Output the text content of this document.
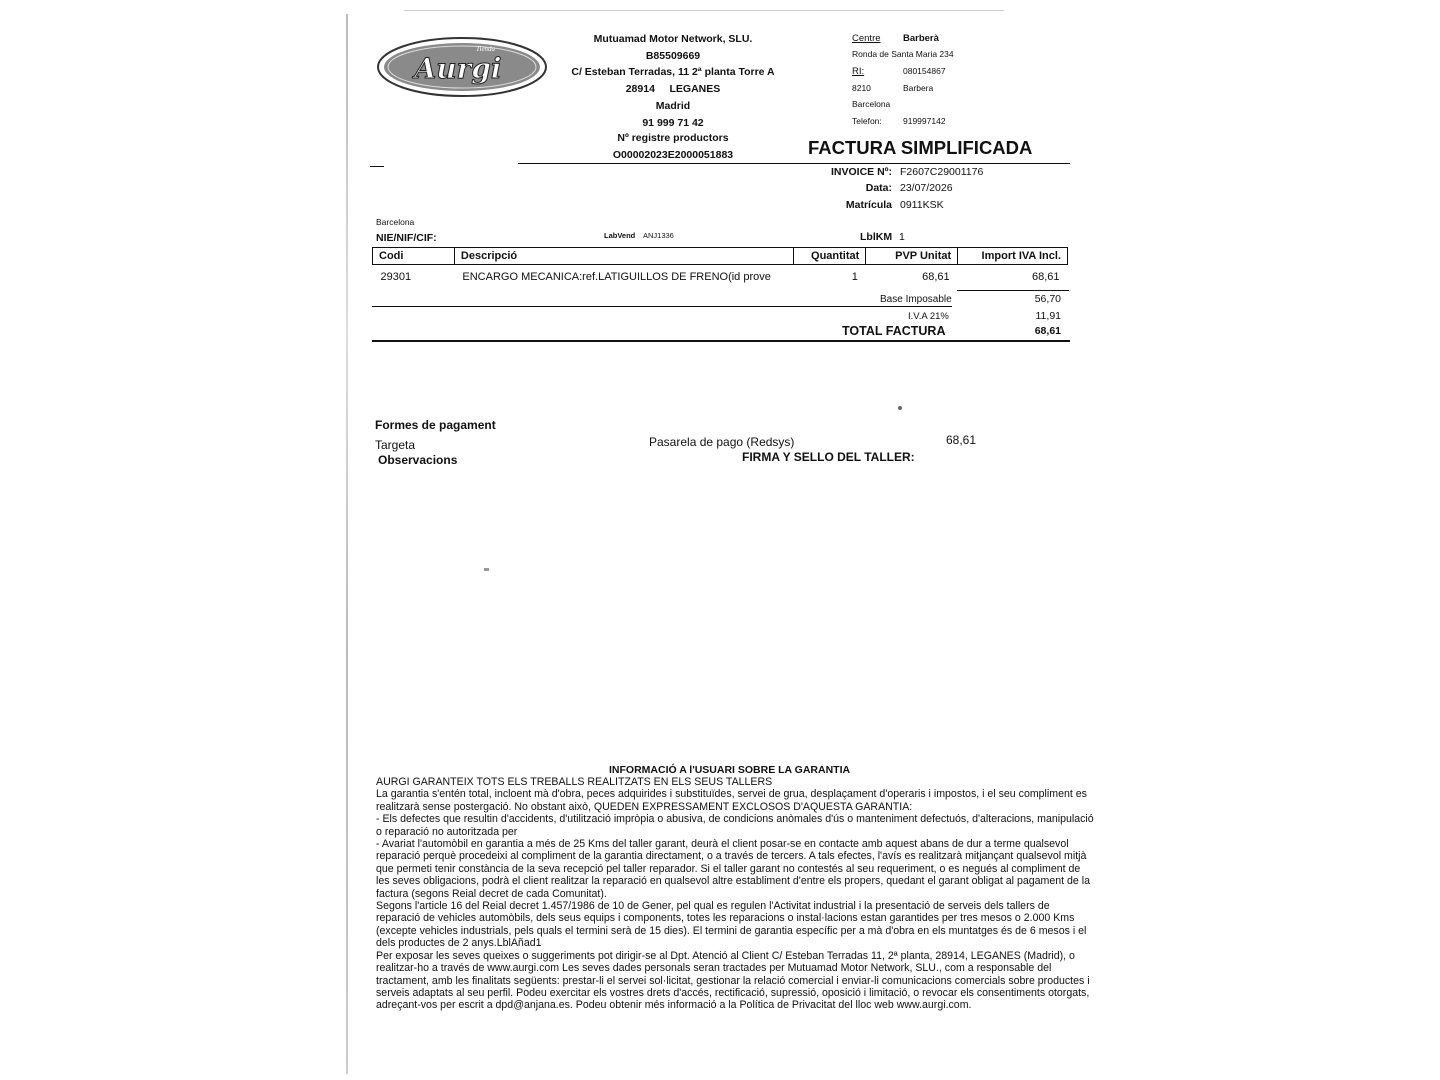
Tienda
Aurgi
Mutuamad Motor Network, SLU.
B85509669
C/ Esteban Terradas, 11 2ª planta Torre A
28914 LEGANES
Madrid
91 999 71 42
Nº registre productors
O00002023E2000051883
Centre Barberà
Ronda de Santa Maria 234
RI:	080154867
8210	Barbera
Barcelona
Telefon: 919997142
FACTURA SIMPLIFICADA
INVOICE Nº: F2607C29001176
Data: 23/07/2026
Matrícula 0911KSK
Barcelona
NIE/NIF/CIF:	LabVend ANJ1336	LblKM 1
Codi	Descripció	Quantitat	PVP Unitat	Import IVA Incl.
29301	ENCARGO MECANICA:ref.LATIGUILLOS DE FRENO(id prove	1	68,61	68,61
Base Imposable	56,70
I.V.A 21%	11,91
TOTAL FACTURA	68,61
Formes de pagament
Targeta	Pasarela de pago (Redsys)	68,61
Observacions	FIRMA Y SELLO DEL TALLER:
INFORMACIÓ A l'USUARI SOBRE LA GARANTIA

AURGI GARANTEIX TOTS ELS TREBALLS REALITZATS EN ELS SEUS TALLERS

La garantia s'entén total, incloent mà d'obra, peces adquirides i substituïdes, servei de grua, desplaçament d'operaris i impostos, i el seu compliment es realitzarà sense postergació. No obstant això, QUEDEN EXPRESSAMENT EXCLOSOS D'AQUESTA GARANTIA:

- Els defectes que resultin d'accidents, d'utilització impròpia o abusiva, de condicions anòmales d'ús o manteniment defectuós, d'alteracions, manipulació o reparació no autoritzada per

- Avariat l'automòbil en garantia a més de 25 Kms del taller garant, deurà el client posar-se en contacte amb aquest abans de dur a terme qualsevol reparació perquè procedeixi al compliment de la garantia directament, o a través de tercers. A tals efectes, l'avís es realitzarà mitjançant qualsevol mitjà que permeti tenir constància de la seva recepció pel taller reparador. Si el taller garant no contestés al seu requeriment, o es negués al compliment de les seves obligacions, podrà el client realitzar la reparació en qualsevol altre establiment d'entre els propers, quedant el garant obligat al pagament de la factura (segons Reial decret de cada Comunitat).

Segons l'article 16 del Reial decret 1.457/1986 de 10 de Gener, pel qual es regulen l'Activitat industrial i la presentació de serveis dels tallers de reparació de vehicles automòbils, dels seus equips i components, totes les reparacions o instal·lacions estan garantides per tres mesos o 2.000 Kms (excepte vehicles industrials, pels quals el termini serà de 15 dies). El termini de garantia específic per a mà d'obra en els muntatges és de 6 mesos i el dels productes de 2 anys.LblAñad1

Per exposar les seves queixes o suggeriments pot dirigir-se al Dpt. Atenció al Client C/ Esteban Terradas 11, 2ª planta, 28914, LEGANES (Madrid), o realitzar-ho a través de www.aurgi.com Les seves dades personals seran tractades per Mutuamad Motor Network, SLU., com a responsable del tractament, amb les finalitats següents: prestar-li el servei sol·licitat, gestionar la relació comercial i enviar-li comunicacions comercials sobre productes i serveis adaptats al seu perfil. Podeu exercitar els vostres drets d'accés, rectificació, supressió, oposició i limitació, o revocar els consentiments otorgats, adreçant-vos per escrit a dpd@anjana.es. Podeu obtenir més informació a la Política de Privacitat del lloc web www.aurgi.com.
